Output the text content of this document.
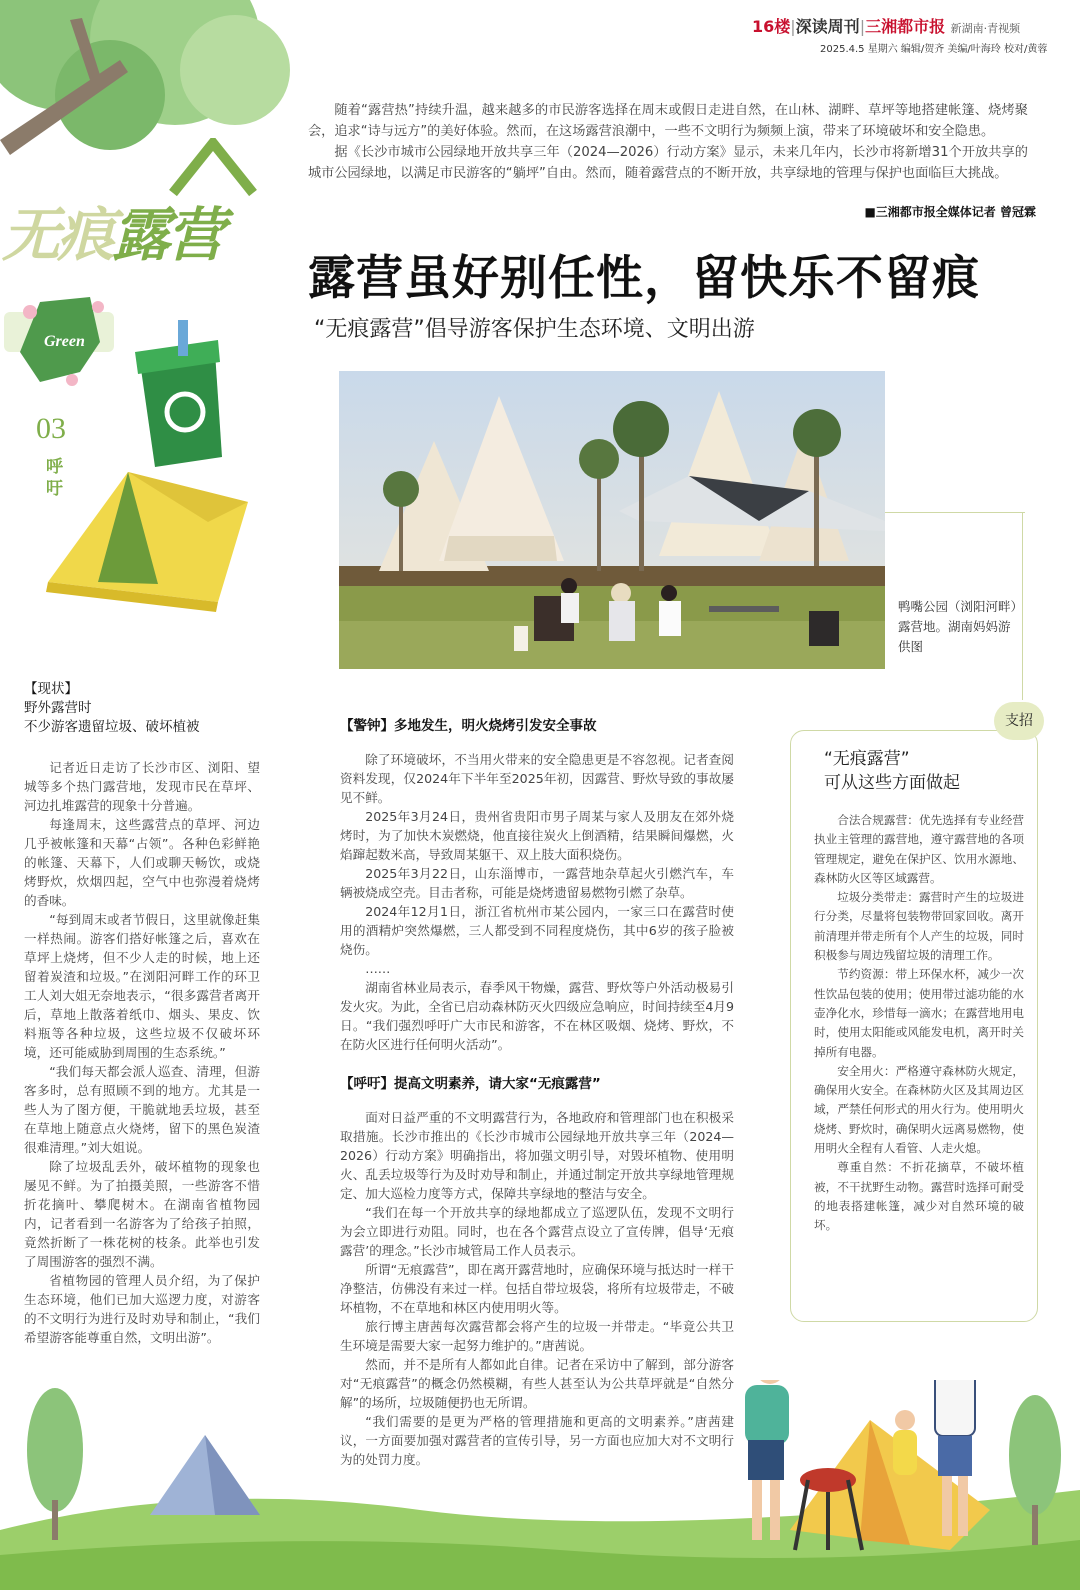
无痕露营
Green
03
呼吁
16楼|深读周刊|三湘都市报 新湖南·青视频
2025.4.5 星期六 编辑/贺齐 美编/叶海玲 校对/黄蓉

随着“露营热”持续升温，越来越多的市民游客选择在周末或假日走进自然，在山林、湖畔、草坪等地搭建帐篷、烧烤聚会，追求“诗与远方”的美好体验。然而，在这场露营浪潮中，一些不文明行为频频上演，带来了环境破坏和安全隐患。

据《长沙市城市公园绿地开放共享三年（2024—2026）行动方案》显示，未来几年内，长沙市将新增31个开放共享的城市公园绿地，以满足市民游客的“躺坪”自由。然而，随着露营点的不断开放，共享绿地的管理与保护也面临巨大挑战。

■三湘都市报全媒体记者 曾冠霖
露营虽好别任性，留快乐不留痕
“无痕露营”倡导游客保护生态环境、文明出游
鸭嘴公园（浏阳河畔）露营地。湖南妈妈游 供图
【现状】
野外露营时
不少游客遗留垃圾、破坏植被

记者近日走访了长沙市区、浏阳、望城等多个热门露营地，发现市民在草坪、河边扎堆露营的现象十分普遍。

每逢周末，这些露营点的草坪、河边几乎被帐篷和天幕“占领”。各种色彩鲜艳的帐篷、天幕下，人们或聊天畅饮，或烧烤野炊，炊烟四起，空气中也弥漫着烧烤的香味。

“每到周末或者节假日，这里就像赶集一样热闹。游客们搭好帐篷之后，喜欢在草坪上烧烤，但不少人走的时候，地上还留着炭渣和垃圾。”在浏阳河畔工作的环卫工人刘大姐无奈地表示，“很多露营者离开后，草地上散落着纸巾、烟头、果皮、饮料瓶等各种垃圾，这些垃圾不仅破坏环境，还可能威胁到周围的生态系统。”

“我们每天都会派人巡查、清理，但游客多时，总有照顾不到的地方。尤其是一些人为了图方便，干脆就地丢垃圾，甚至在草地上随意点火烧烤，留下的黑色炭渣很难清理。”刘大姐说。

除了垃圾乱丢外，破坏植物的现象也屡见不鲜。为了拍摄美照，一些游客不惜折花摘叶、攀爬树木。在湖南省植物园内，记者看到一名游客为了给孩子拍照，竟然折断了一株花树的枝条。此举也引发了周围游客的强烈不满。

省植物园的管理人员介绍，为了保护生态环境，他们已加大巡逻力度，对游客的不文明行为进行及时劝导和制止，“我们希望游客能尊重自然，文明出游”。

【警钟】多地发生，明火烧烤引发安全事故

除了环境破坏，不当用火带来的安全隐患更是不容忽视。记者查阅资料发现，仅2024年下半年至2025年初，因露营、野炊导致的事故屡见不鲜。

2025年3月24日，贵州省贵阳市男子周某与家人及朋友在郊外烧烤时，为了加快木炭燃烧，他直接往炭火上倒酒精，结果瞬间爆燃，火焰蹿起数米高，导致周某躯干、双上肢大面积烧伤。

2025年3月22日，山东淄博市，一露营地杂草起火引燃汽车，车辆被烧成空壳。目击者称，可能是烧烤遗留易燃物引燃了杂草。

2024年12月1日，浙江省杭州市某公园内，一家三口在露营时使用的酒精炉突然爆燃，三人都受到不同程度烧伤，其中6岁的孩子脸被烧伤。

……

湖南省林业局表示，春季风干物燥，露营、野炊等户外活动极易引发火灾。为此，全省已启动森林防灭火四级应急响应，时间持续至4月9日。“我们强烈呼吁广大市民和游客，不在林区吸烟、烧烤、野炊，不在防火区进行任何明火活动”。

【呼吁】提高文明素养，请大家“无痕露营”

面对日益严重的不文明露营行为，各地政府和管理部门也在积极采取措施。长沙市推出的《长沙市城市公园绿地开放共享三年（2024—2026）行动方案》明确指出，将加强文明引导，对毁坏植物、使用明火、乱丢垃圾等行为及时劝导和制止，并通过制定开放共享绿地管理规定、加大巡检力度等方式，保障共享绿地的整洁与安全。

“我们在每一个开放共享的绿地都成立了巡逻队伍，发现不文明行为会立即进行劝阻。同时，也在各个露营点设立了宣传牌，倡导‘无痕露营’的理念。”长沙市城管局工作人员表示。

所谓“无痕露营”，即在离开露营地时，应确保环境与抵达时一样干净整洁，仿佛没有来过一样。包括自带垃圾袋，将所有垃圾带走，不破坏植物，不在草地和林区内使用明火等。

旅行博主唐茜每次露营都会将产生的垃圾一并带走。“毕竟公共卫生环境是需要大家一起努力维护的。”唐茜说。

然而，并不是所有人都如此自律。记者在采访中了解到，部分游客对“无痕露营”的概念仍然模糊，有些人甚至认为公共草坪就是“自然分解”的场所，垃圾随便扔也无所谓。

“我们需要的是更为严格的管理措施和更高的文明素养。”唐茜建议，一方面要加强对露营者的宣传引导，另一方面也应加大对不文明行为的处罚力度。

支招
“无痕露营”
可从这些方面做起

合法合规露营：优先选择有专业经营执业主管理的露营地，遵守露营地的各项管理规定，避免在保护区、饮用水源地、森林防火区等区域露营。

垃圾分类带走：露营时产生的垃圾进行分类，尽量将包装物带回家回收。离开前清理并带走所有个人产生的垃圾，同时积极参与周边残留垃圾的清理工作。

节约资源：带上环保水杯，减少一次性饮品包装的使用；使用带过滤功能的水壶净化水，珍惜每一滴水；在露营地用电时，使用太阳能或风能发电机，离开时关掉所有电器。

安全用火：严格遵守森林防火规定，确保用火安全。在森林防火区及其周边区域，严禁任何形式的用火行为。使用明火烧烤、野炊时，确保明火远离易燃物，使用明火全程有人看管、人走火熄。

尊重自然：不折花摘草，不破坏植被，不干扰野生动物。露营时选择可耐受的地表搭建帐篷，减少对自然环境的破坏。
